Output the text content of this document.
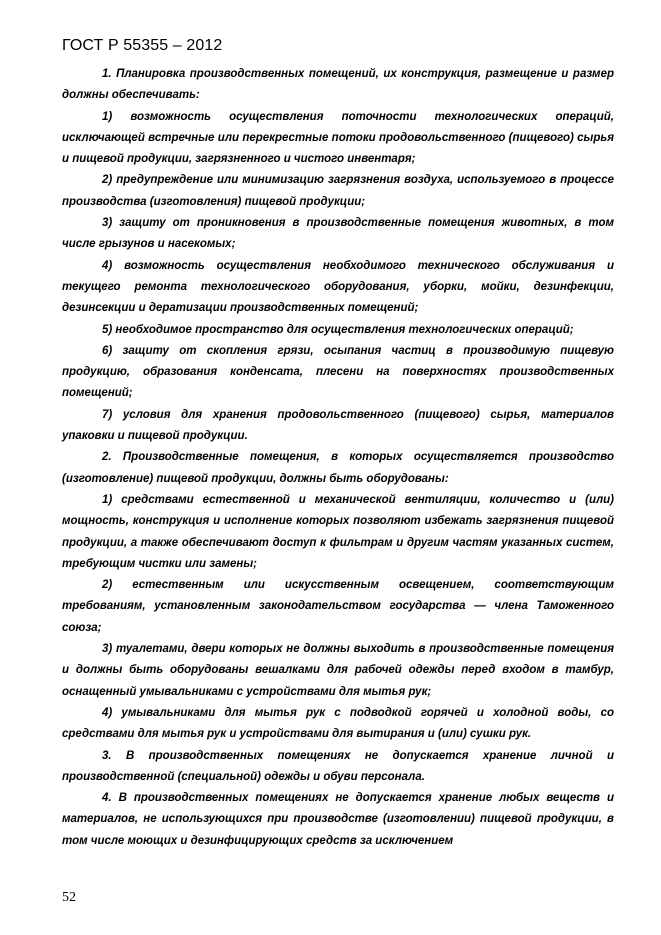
ГОСТ Р 55355 – 2012

1. Планировка производственных помещений, их конструкция, размещение и размер должны обеспечивать:

1) возможность осуществления поточности технологических операций, исключающей встречные или перекрестные потоки продовольственного (пищевого) сырья и пищевой продукции, загрязненного и чистого инвентаря;

2) предупреждение или минимизацию загрязнения воздуха, используемого в процессе производства (изготовления) пищевой продукции;

3) защиту от проникновения в производственные помещения животных, в том числе грызунов и насекомых;

4) возможность осуществления необходимого технического обслуживания и текущего ремонта технологического оборудования, уборки, мойки, дезинфекции, дезинсекции и дератизации производственных помещений;

5) необходимое пространство для осуществления технологических операций;

6) защиту от скопления грязи, осыпания частиц в производимую пищевую продукцию, образования конденсата, плесени на поверхностях производственных помещений;

7) условия для хранения продовольственного (пищевого) сырья, материалов упаковки и пищевой продукции.

2. Производственные помещения, в которых осуществляется производство (изготовление) пищевой продукции, должны быть оборудованы:

1) средствами естественной и механической вентиляции, количество и (или) мощность, конструкция и исполнение которых позволяют избежать загрязнения пищевой продукции, а также обеспечивают доступ к фильтрам и другим частям указанных систем, требующим чистки или замены;

2) естественным или искусственным освещением, соответствующим требованиям, установленным законодательством государства — члена Таможенного союза;

3) туалетами, двери которых не должны выходить в производственные помещения и должны быть оборудованы вешалками для рабочей одежды перед входом в тамбур, оснащенный умывальниками с устройствами для мытья рук;

4) умывальниками для мытья рук с подводкой горячей и холодной воды, со средствами для мытья рук и устройствами для вытирания и (или) сушки рук.

3. В производственных помещениях не допускается хранение личной и производственной (специальной) одежды и обуви персонала.

4. В производственных помещениях не допускается хранение любых веществ и материалов, не использующихся при производстве (изготовлении) пищевой продукции, в том числе моющих и дезинфицирующих средств за исключением

52
